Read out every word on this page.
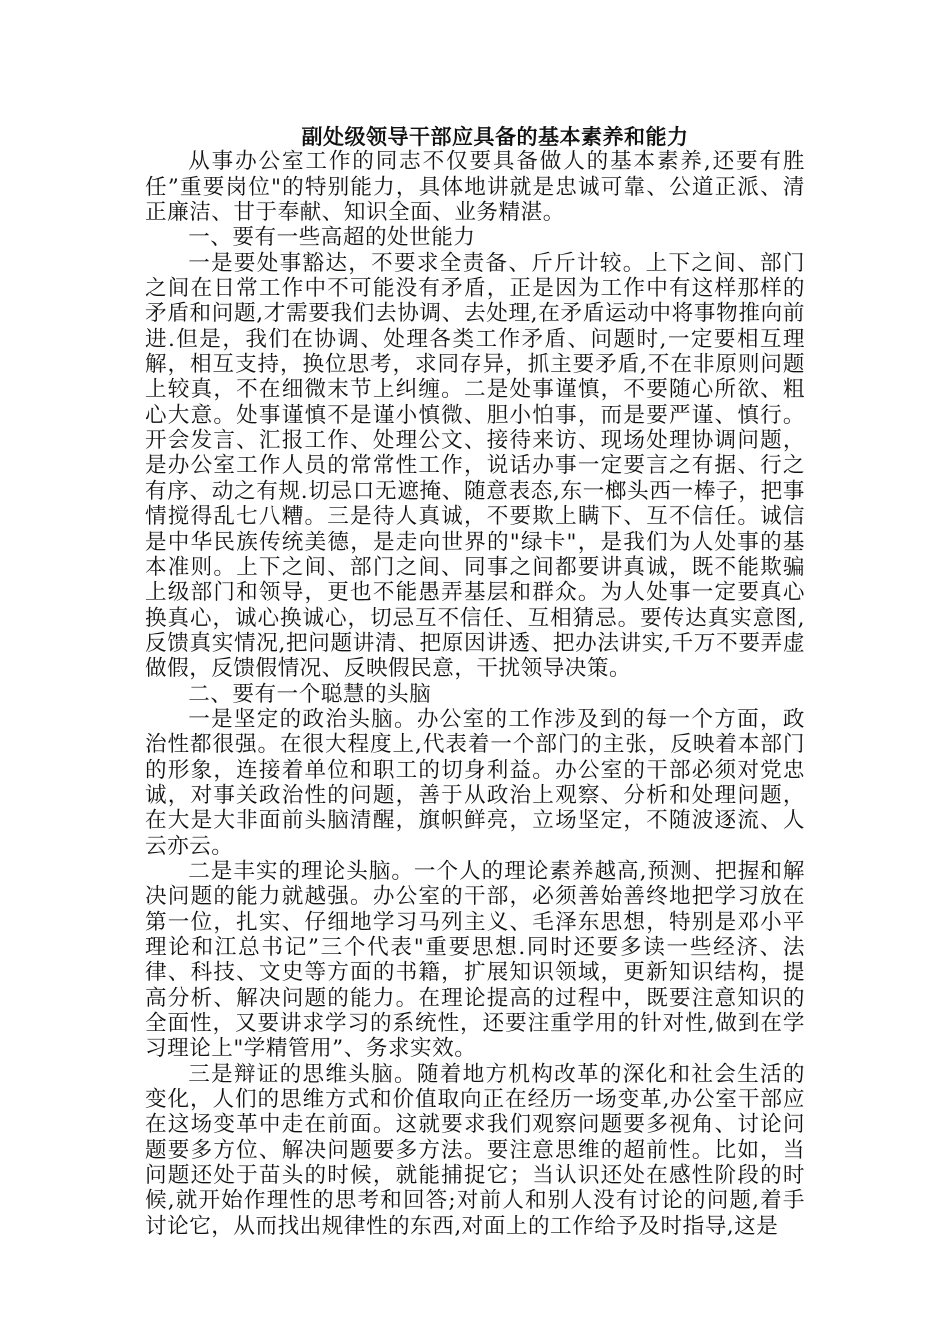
副处级领导干部应具备的基本素养和能力

从事办公室工作的同志不仅要具备做人的基本素养,还要有胜任”重要岗位"的特别能力，具体地讲就是忠诚可靠、公道正派、清正廉洁、甘于奉献、知识全面、业务精湛。

一、要有一些高超的处世能力

一是要处事豁达，不要求全责备、斤斤计较。上下之间、部门之间在日常工作中不可能没有矛盾，正是因为工作中有这样那样的矛盾和问题,才需要我们去协调、去处理,在矛盾运动中将事物推向前进.但是，我们在协调、处理各类工作矛盾、问题时,一定要相互理解，相互支持，换位思考，求同存异，抓主要矛盾,不在非原则问题上较真，不在细微末节上纠缠。二是处事谨慎，不要随心所欲、粗心大意。处事谨慎不是谨小慎微、胆小怕事，而是要严谨、慎行。开会发言、汇报工作、处理公文、接待来访、现场处理协调问题，是办公室工作人员的常常性工作，说话办事一定要言之有据、行之有序、动之有规.切忌口无遮掩、随意表态,东一榔头西一棒子，把事情搅得乱七八糟。三是待人真诚，不要欺上瞒下、互不信任。诚信是中华民族传统美德，是走向世界的"绿卡"，是我们为人处事的基本准则。上下之间、部门之间、同事之间都要讲真诚，既不能欺骗上级部门和领导，更也不能愚弄基层和群众。为人处事一定要真心换真心，诚心换诚心，切忌互不信任、互相猜忌。要传达真实意图,反馈真实情况,把问题讲清、把原因讲透、把办法讲实,千万不要弄虚做假，反馈假情况、反映假民意，干扰领导决策。

二、要有一个聪慧的头脑

一是坚定的政治头脑。办公室的工作涉及到的每一个方面，政治性都很强。在很大程度上,代表着一个部门的主张，反映着本部门的形象，连接着单位和职工的切身利益。办公室的干部必须对党忠诚，对事关政治性的问题，善于从政治上观察、分析和处理问题，在大是大非面前头脑清醒，旗帜鲜亮，立场坚定，不随波逐流、人云亦云。

二是丰实的理论头脑。一个人的理论素养越高,预测、把握和解决问题的能力就越强。办公室的干部，必须善始善终地把学习放在第一位，扎实、仔细地学习马列主义、毛泽东思想，特别是邓小平理论和江总书记”三个代表"重要思想.同时还要多读一些经济、法律、科技、文史等方面的书籍，扩展知识领域，更新知识结构，提高分析、解决问题的能力。在理论提高的过程中，既要注意知识的全面性，又要讲求学习的系统性，还要注重学用的针对性,做到在学习理论上"学精管用”、务求实效。

三是辩证的思维头脑。随着地方机构改革的深化和社会生活的变化，人们的思维方式和价值取向正在经历一场变革,办公室干部应在这场变革中走在前面。这就要求我们观察问题要多视角、讨论问题要多方位、解决问题要多方法。要注意思维的超前性。比如，当问题还处于苗头的时候，就能捕捉它；当认识还处在感性阶段的时候,就开始作理性的思考和回答;对前人和别人没有讨论的问题,着手讨论它，从而找出规律性的东西,对面上的工作给予及时指导,这是
